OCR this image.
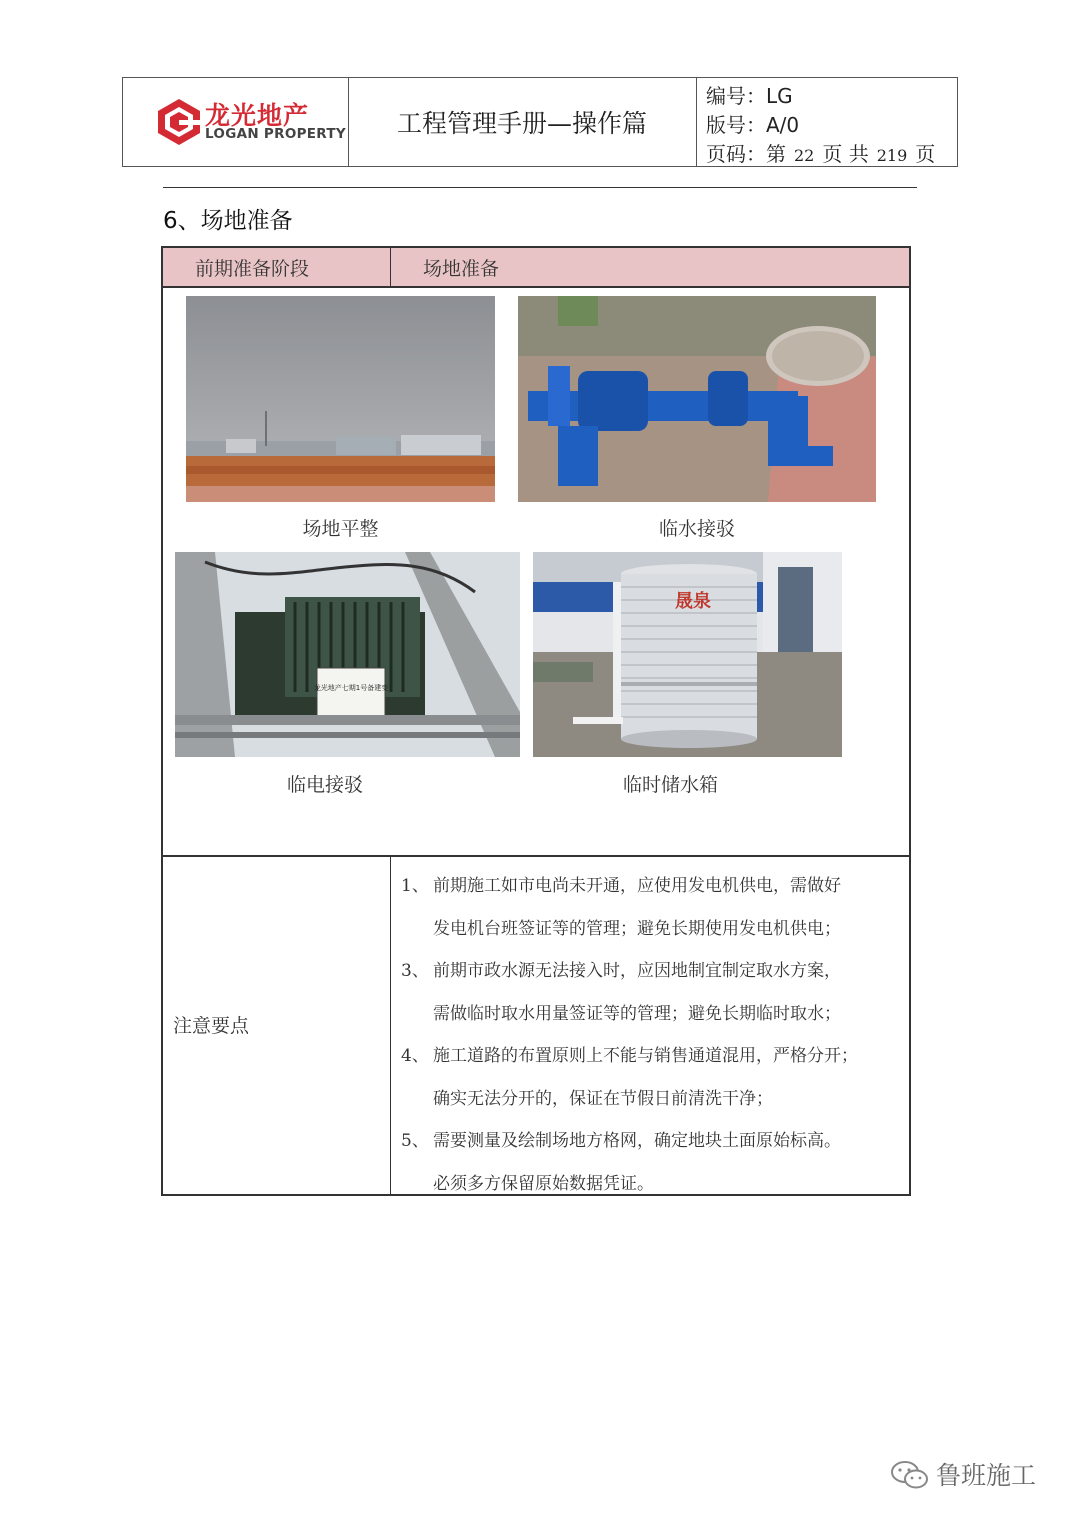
龙光地产
LOGAN PROPERTY	工程管理手册—操作篇
编号：LG
版号：A/0
页码：第 22 页 共 219 页
6、场地准备
前期准备阶段	场地准备
场地平整	临水接驳
龙光地产七期1号备建变
晟泉
临电接驳	临时储水箱
注意要点
1、 前期施工如市电尚未开通，应使用发电机供电，需做好
发电机台班签证等的管理；避免长期使用发电机供电；
3、 前期市政水源无法接入时，应因地制宜制定取水方案，
需做临时取水用量签证等的管理；避免长期临时取水；
4、 施工道路的布置原则上不能与销售通道混用，严格分开；
确实无法分开的，保证在节假日前清洗干净；
5、 需要测量及绘制场地方格网，确定地块土面原始标高。
必须多方保留原始数据凭证。
鲁班施工
